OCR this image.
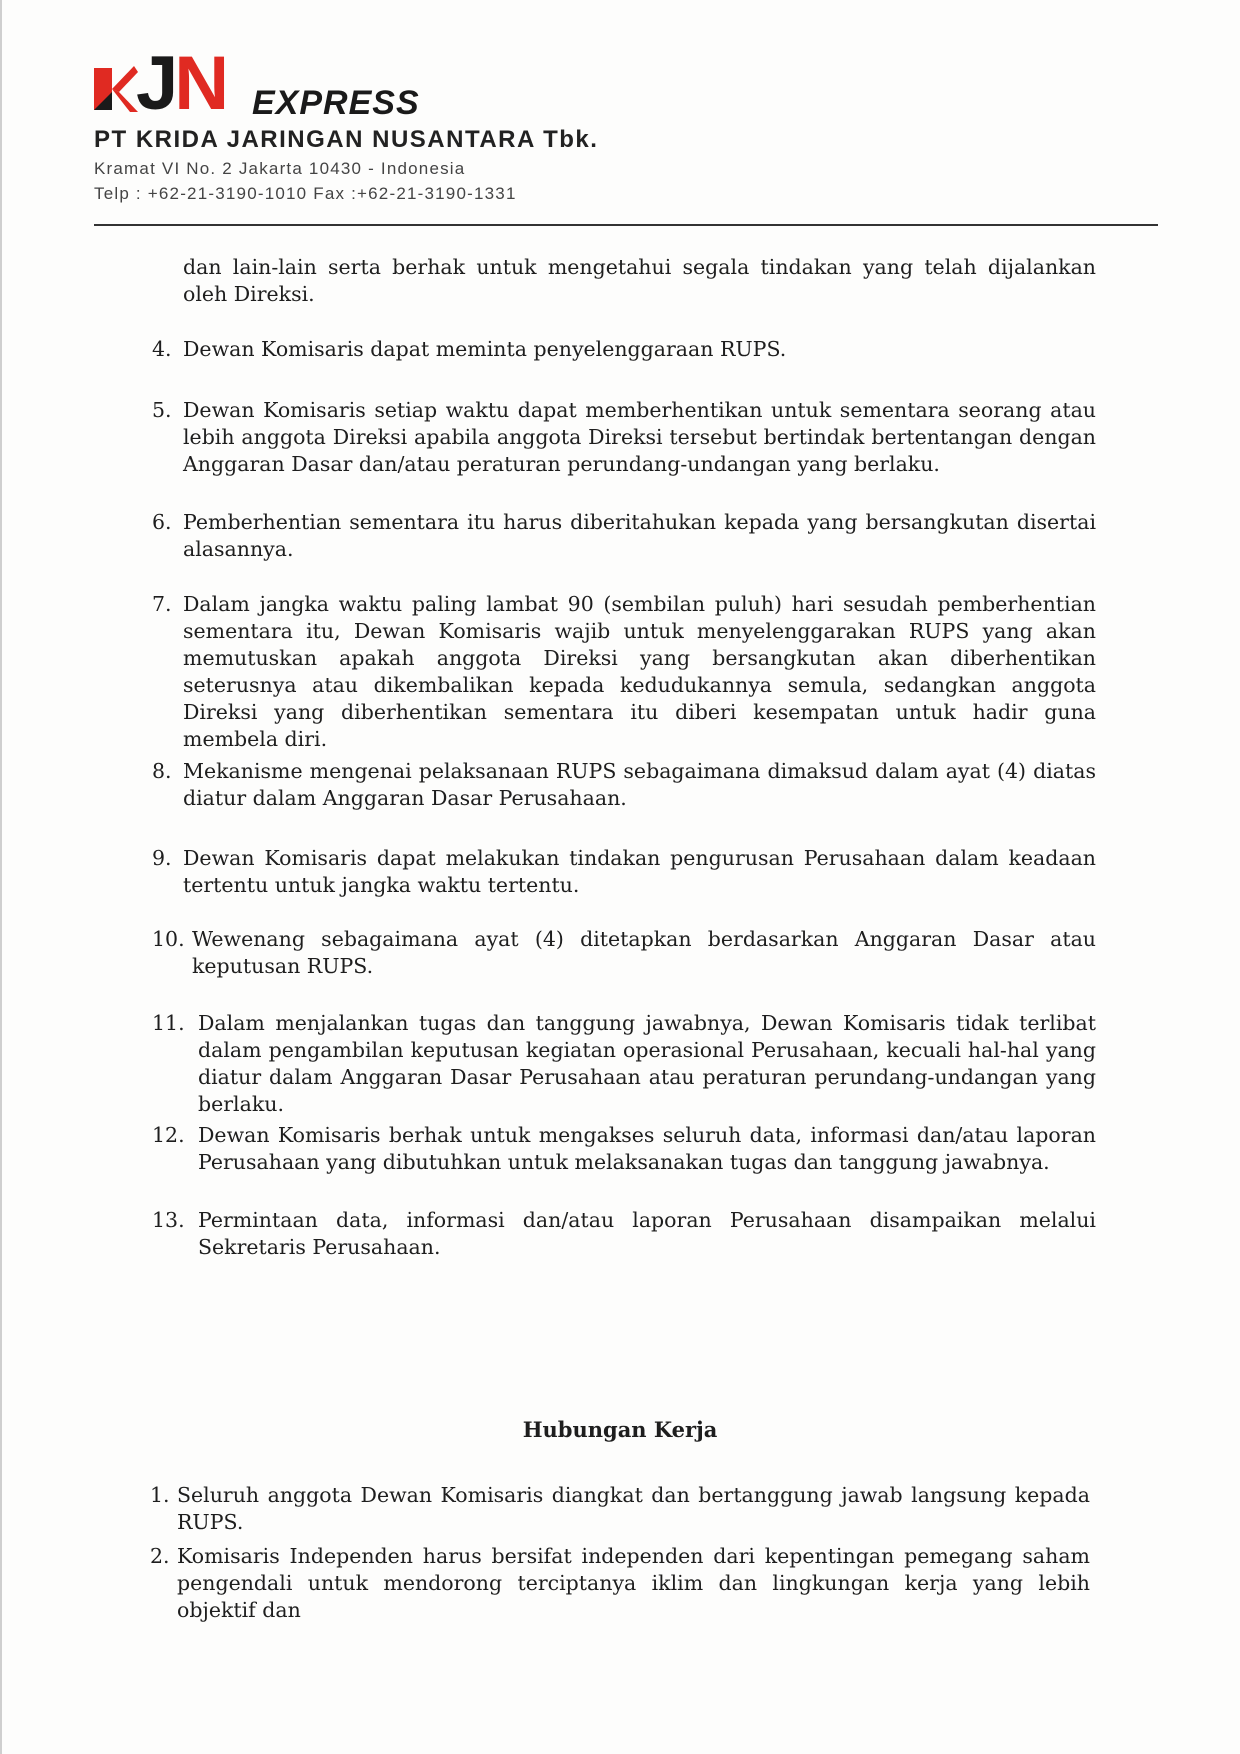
JN EXPRESS
PT KRIDA JARINGAN NUSANTARA Tbk.
Kramat VI No. 2 Jakarta 10430 - Indonesia
Telp : +62-21-3190-1010 Fax :+62-21-3190-1331
dan lain-lain serta berhak untuk mengetahui segala tindakan yang telah dijalankan oleh Direksi.
4. Dewan Komisaris dapat meminta penyelenggaraan RUPS.
5. Dewan Komisaris setiap waktu dapat memberhentikan untuk sementara seorang atau lebih anggota Direksi apabila anggota Direksi tersebut bertindak bertentangan dengan Anggaran Dasar dan/atau peraturan perundang-undangan yang berlaku.
6. Pemberhentian sementara itu harus diberitahukan kepada yang bersangkutan disertai alasannya.
7. Dalam jangka waktu paling lambat 90 (sembilan puluh) hari sesudah pemberhentian sementara itu, Dewan Komisaris wajib untuk menyelenggarakan RUPS yang akan memutuskan apakah anggota Direksi yang bersangkutan akan diberhentikan seterusnya atau dikembalikan kepada kedudukannya semula, sedangkan anggota Direksi yang diberhentikan sementara itu diberi kesempatan untuk hadir guna membela diri.
8. Mekanisme mengenai pelaksanaan RUPS sebagaimana dimaksud dalam ayat (4) diatas diatur dalam Anggaran Dasar Perusahaan.
9. Dewan Komisaris dapat melakukan tindakan pengurusan Perusahaan dalam keadaan tertentu untuk jangka waktu tertentu.
10. Wewenang sebagaimana ayat (4) ditetapkan berdasarkan Anggaran Dasar atau keputusan RUPS.
11. Dalam menjalankan tugas dan tanggung jawabnya, Dewan Komisaris tidak terlibat dalam pengambilan keputusan kegiatan operasional Perusahaan, kecuali hal-hal yang diatur dalam Anggaran Dasar Perusahaan atau peraturan perundang-undangan yang berlaku.
12. Dewan Komisaris berhak untuk mengakses seluruh data, informasi dan/atau laporan Perusahaan yang dibutuhkan untuk melaksanakan tugas dan tanggung jawabnya.
13. Permintaan data, informasi dan/atau laporan Perusahaan disampaikan melalui Sekretaris Perusahaan.
Hubungan Kerja
1. Seluruh anggota Dewan Komisaris diangkat dan bertanggung jawab langsung kepada RUPS.
2. Komisaris Independen harus bersifat independen dari kepentingan pemegang saham pengendali untuk mendorong terciptanya iklim dan lingkungan kerja yang lebih objektif dan
